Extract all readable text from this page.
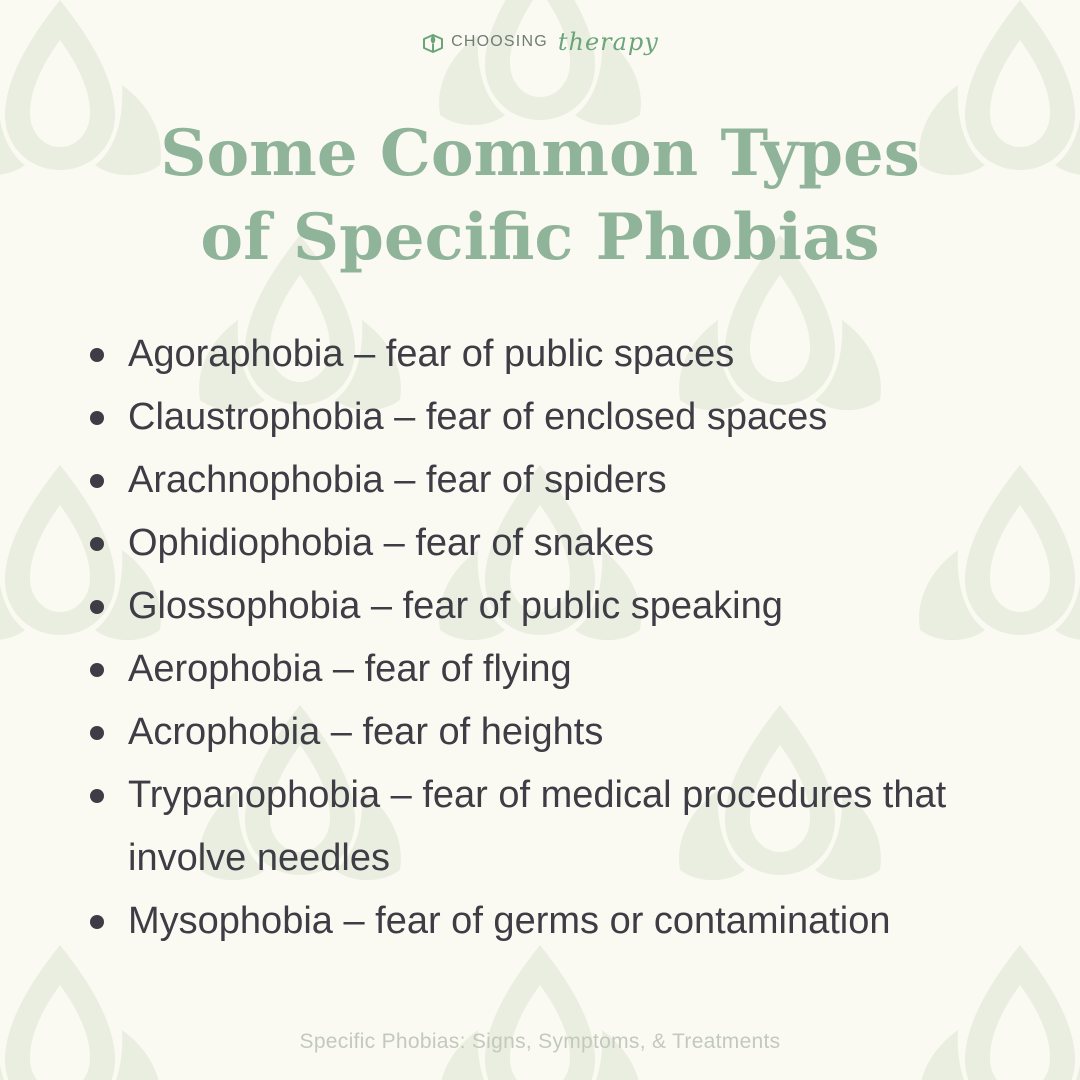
CHOOSING therapy
Some Common Types
of Specific Phobias
Agoraphobia – fear of public spaces
Claustrophobia – fear of enclosed spaces
Arachnophobia – fear of spiders
Ophidiophobia – fear of snakes
Glossophobia – fear of public speaking
Aerophobia – fear of flying
Acrophobia – fear of heights
Trypanophobia – fear of medical procedures that involve needles
Mysophobia – fear of germs or contamination
Specific Phobias: Signs, Symptoms, & Treatments
